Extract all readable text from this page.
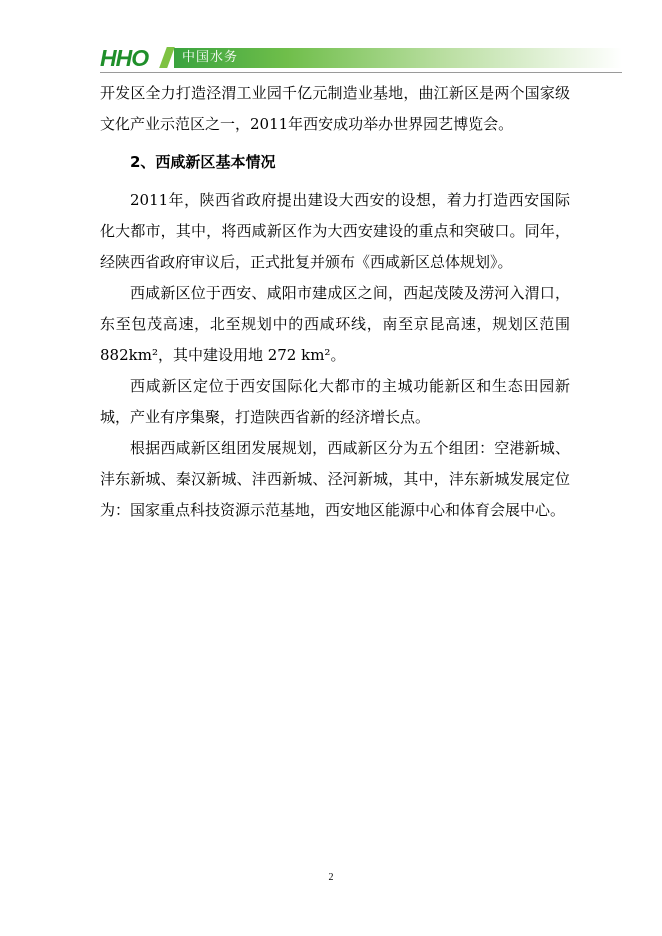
HHO	中国水务

开发区全力打造泾渭工业园千亿元制造业基地，曲江新区是两个国家级文化产业示范区之一，2011年西安成功举办世界园艺博览会。

2、西咸新区基本情况

2011年，陕西省政府提出建设大西安的设想，着力打造西安国际化大都市，其中，将西咸新区作为大西安建设的重点和突破口。同年，经陕西省政府审议后，正式批复并颁布《西咸新区总体规划》。

西咸新区位于西安、咸阳市建成区之间，西起茂陵及涝河入渭口，东至包茂高速，北至规划中的西咸环线，南至京昆高速，规划区范围882km²，其中建设用地 272 km²。

西咸新区定位于西安国际化大都市的主城功能新区和生态田园新城，产业有序集聚，打造陕西省新的经济增长点。

根据西咸新区组团发展规划，西咸新区分为五个组团：空港新城、沣东新城、秦汉新城、沣西新城、泾河新城，其中，沣东新城发展定位为：国家重点科技资源示范基地，西安地区能源中心和体育会展中心。

2
